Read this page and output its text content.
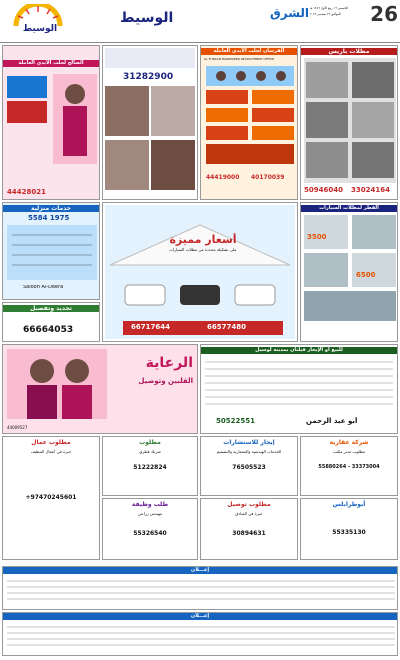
26
الخميس ١٩ ربيع الأول ١٤٤٦ هـ
الموافق ٢٦ سبتمبر ٢٠٢٤
الشرق
الوسيط
الوسيط
مظلات باريس
50946040 33024164
الفرسان لجلب الأيدي العاملة
AL FURSAN MANPOWER RECRUITMENT OFFICE
44419000 40170039
31282900
الصالح لجلب الأيدي العاملة
44428021
القطر لمظلات السيارات
3500
6500
أسعار مميزة
على تشكيلة محددة من مظلات السيارات
66717644	66577480
خدمات منزلية
5584 1975
Saloon Al-Deera
تجديد وتفصيل
66664053
للبيع أو الإيجار فيلتان بمدينة لوسيل
50522551	أبو عبد الرحمن
الرعاية
الفلبين وتوصيل
44009527
شركة عقارية
مطلوب مدير مكتب
55880264 - 33373004
إيجار للاستشارات
الخدمات الهندسية والمعمارية والتصميم
76505523
مطلوب
شريك قطري
51222824
مطلوب عمال
خبرة في أعمال التنظيف
+97470245601
أبوطرابلس
55335130
مطلوب توصيل
خبرة في الفنادق
30894631
طلب وظيفة
مهندس زراعي
55326540
إعـــلان
إعـــلان
